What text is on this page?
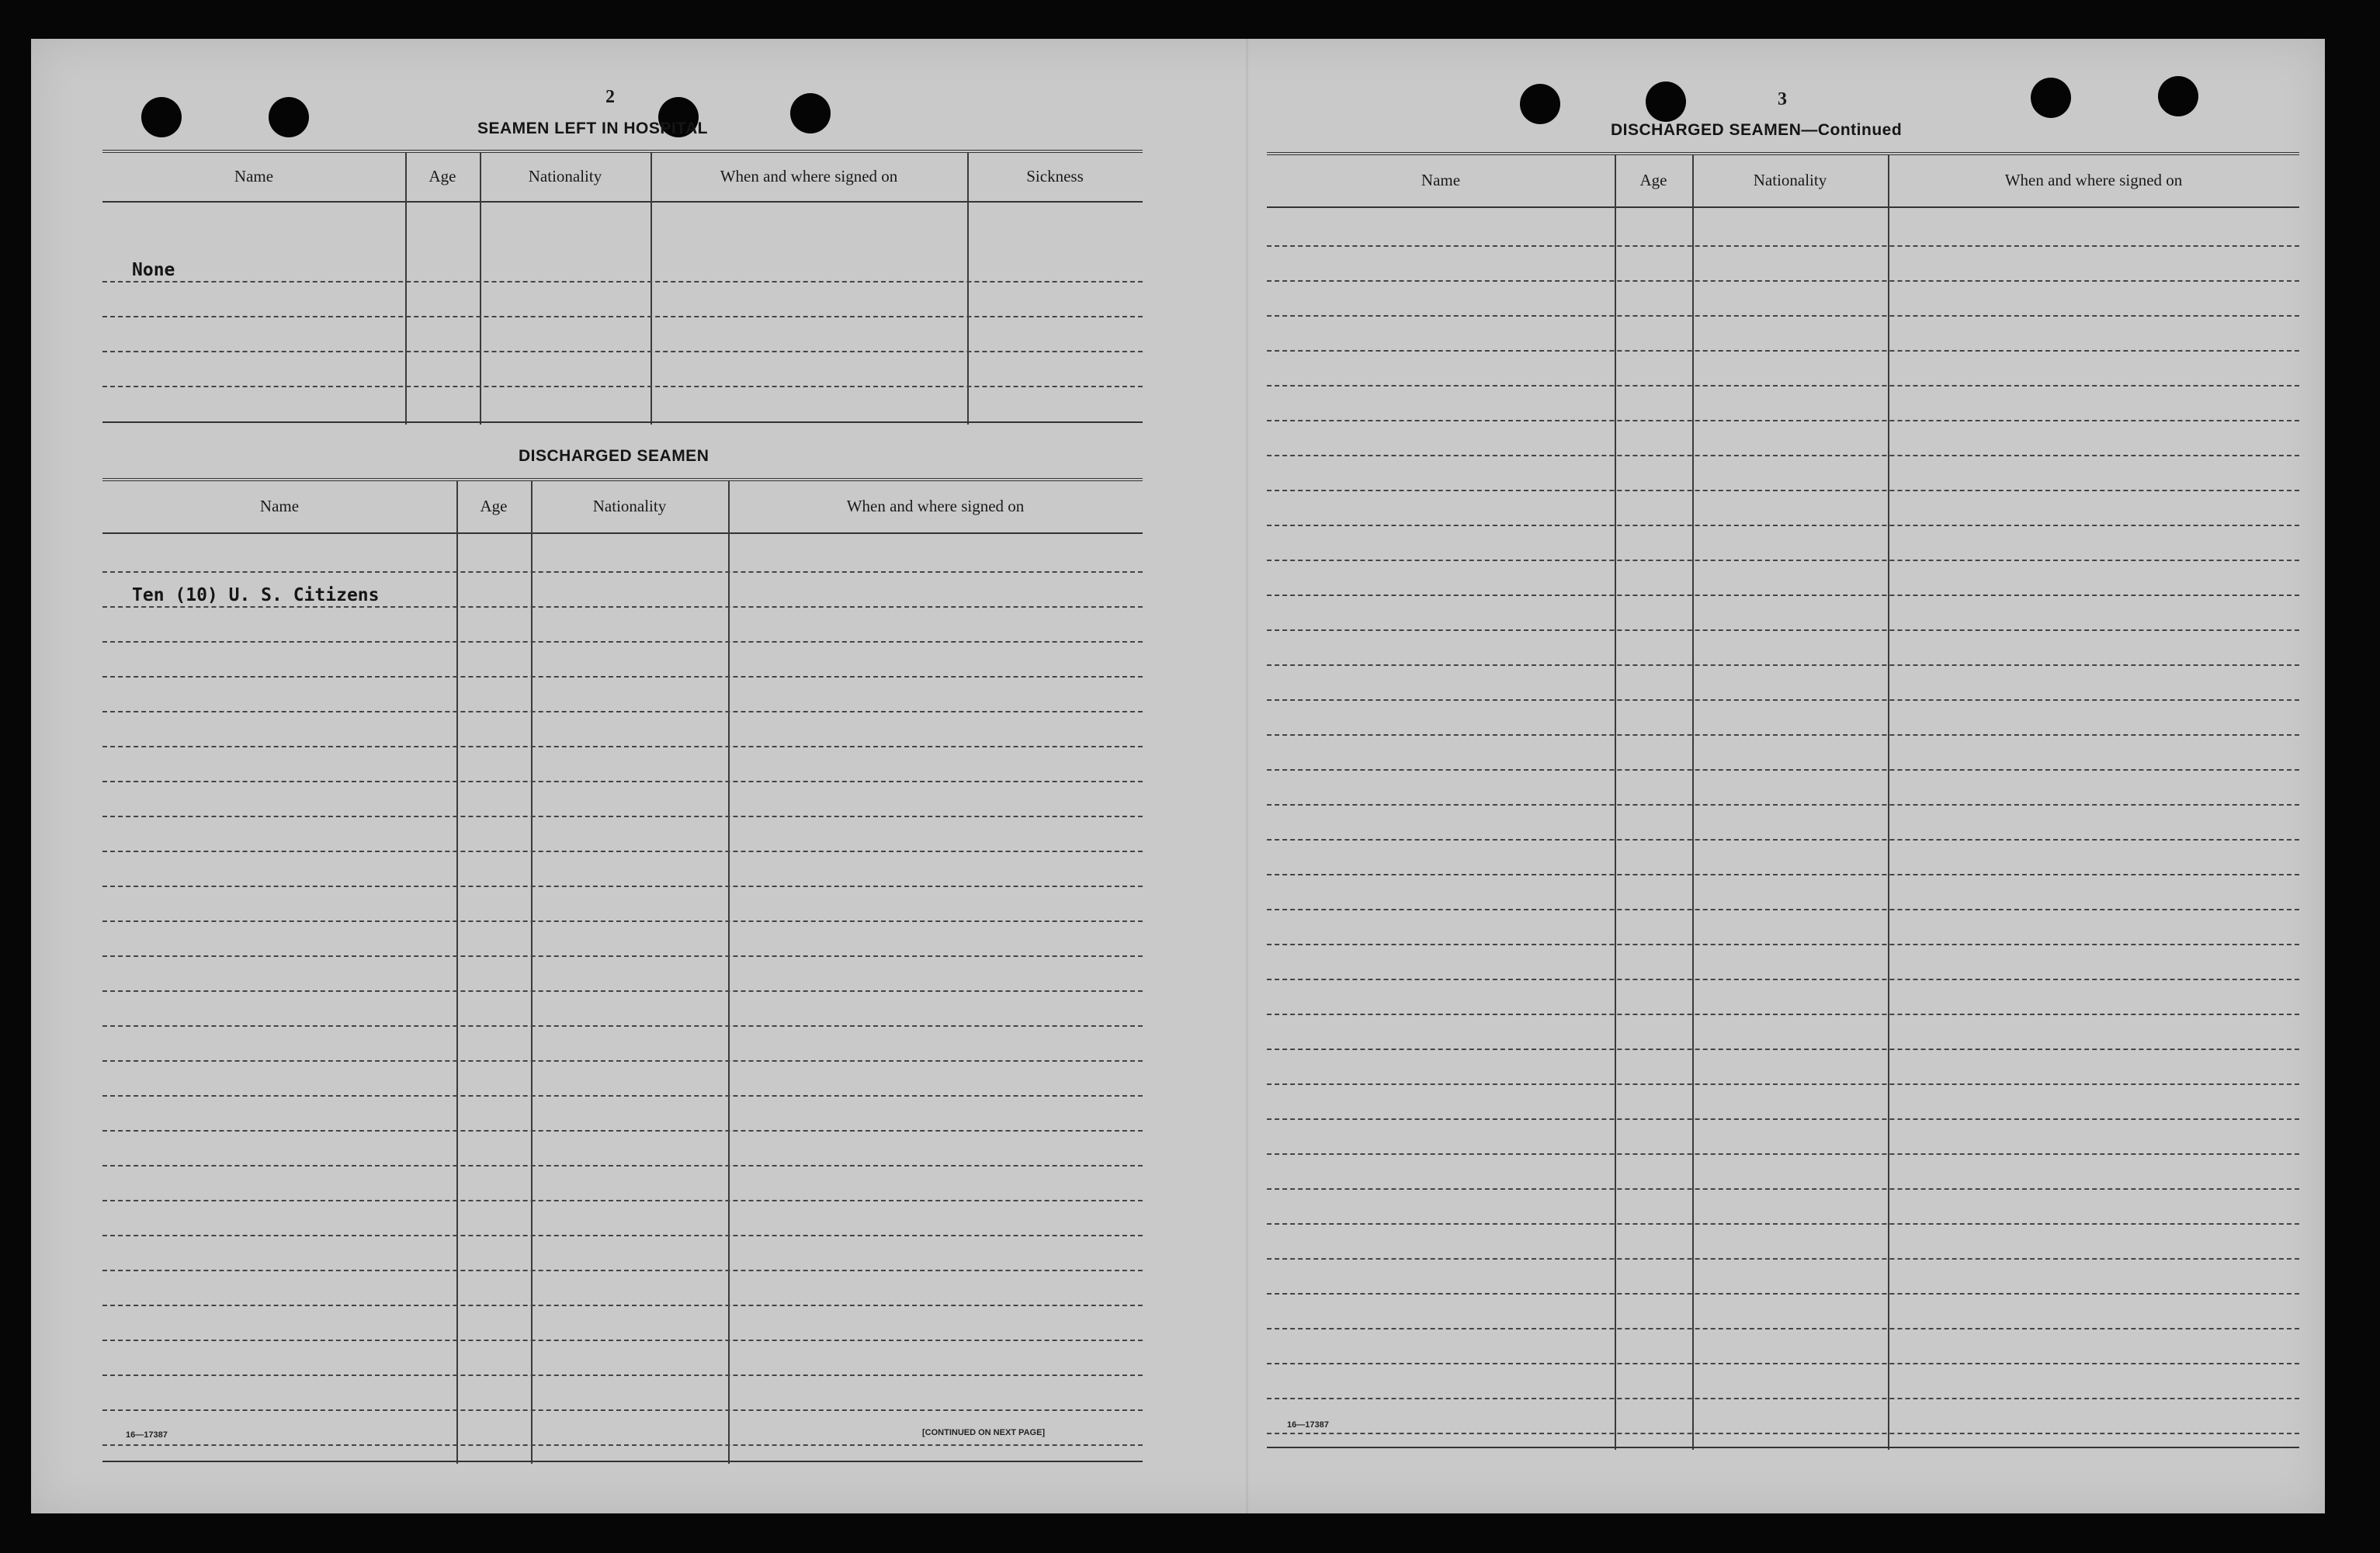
2
SEAMEN LEFT IN HOSPITAL
Name	Age	Nationality	When and where signed on	Sickness
None
DISCHARGED SEAMEN
Name	Age	Nationality	When and where signed on
Ten (10) U. S. Citizens
16—17387	[CONTINUED ON NEXT PAGE]
3
DISCHARGED SEAMEN—Continued
Name	Age	Nationality	When and where signed on
16—17387
